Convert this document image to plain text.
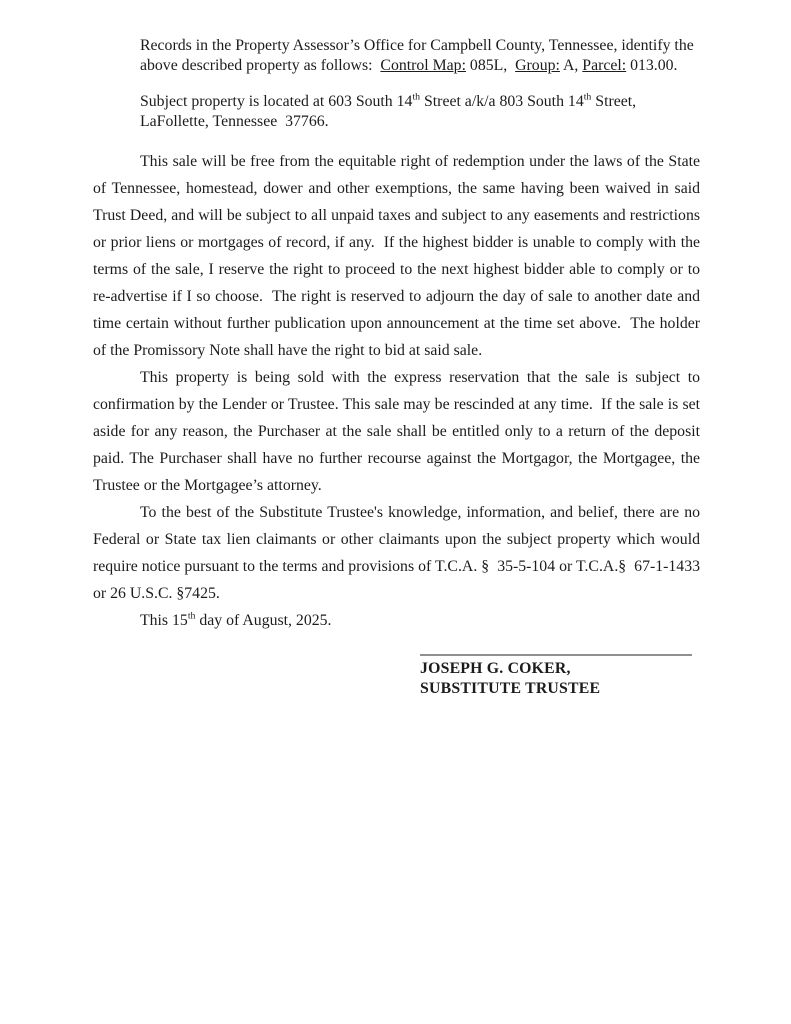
Records in the Property Assessor’s Office for Campbell County, Tennessee, identify the above described property as follows:  Control Map: 085L,  Group: A, Parcel: 013.00.
Subject property is located at 603 South 14th Street a/k/a 803 South 14th Street, LaFollette, Tennessee  37766.

This sale will be free from the equitable right of redemption under the laws of the State of Tennessee, homestead, dower and other exemptions, the same having been waived in said Trust Deed, and will be subject to all unpaid taxes and subject to any easements and restrictions or prior liens or mortgages of record, if any.  If the highest bidder is unable to comply with the terms of the sale, I reserve the right to proceed to the next highest bidder able to comply or to re-advertise if I so choose.  The right is reserved to adjourn the day of sale to another date and time certain without further publication upon announcement at the time set above.  The holder of the Promissory Note shall have the right to bid at said sale.

This property is being sold with the express reservation that the sale is subject to confirmation by the Lender or Trustee. This sale may be rescinded at any time.  If the sale is set aside for any reason, the Purchaser at the sale shall be entitled only to a return of the deposit paid. The Purchaser shall have no further recourse against the Mortgagor, the Mortgagee, the Trustee or the Mortgagee’s attorney.

To the best of the Substitute Trustee's knowledge, information, and belief, there are no Federal or State tax lien claimants or other claimants upon the subject property which would require notice pursuant to the terms and provisions of T.C.A. §  35-5-104 or T.C.A.§  67-1-1433 or 26 U.S.C. §7425.

This 15th day of August, 2025.
JOSEPH G. COKER,
SUBSTITUTE TRUSTEE
